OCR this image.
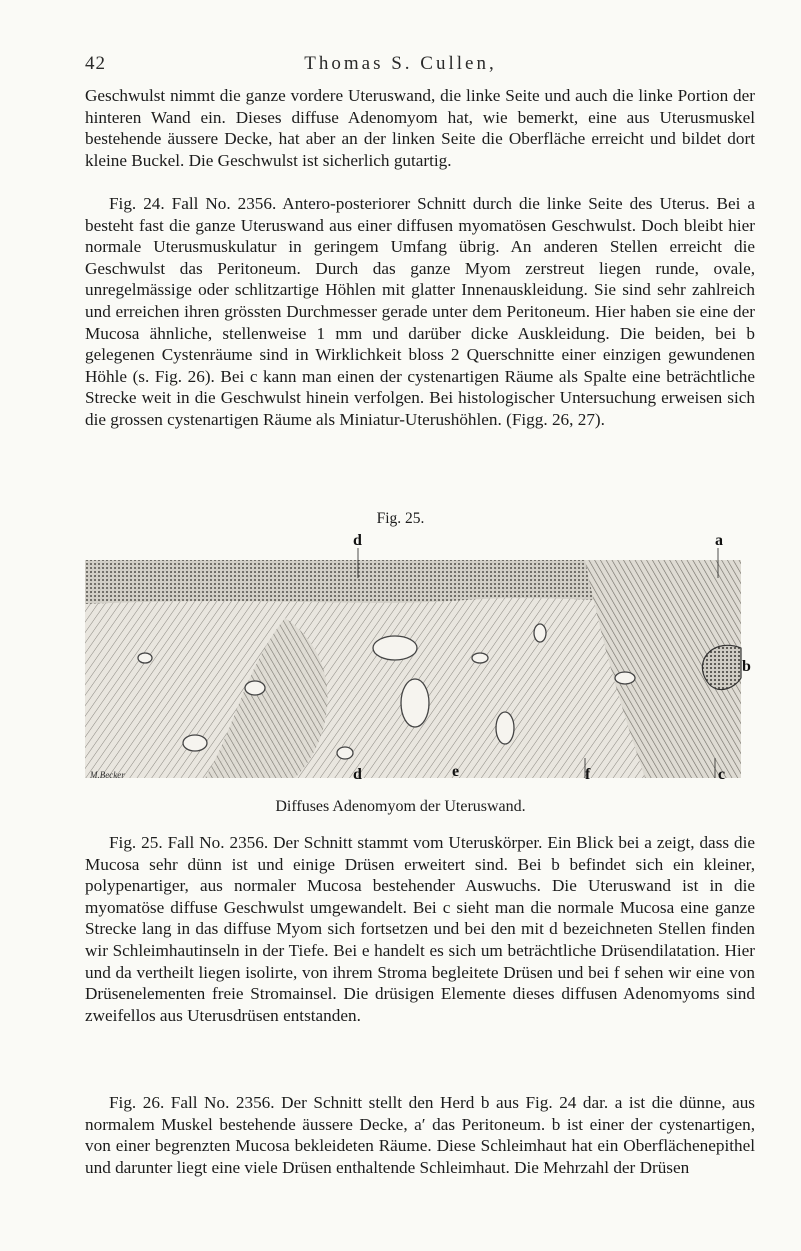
42	Thomas S. Cullen,

Geschwulst nimmt die ganze vordere Uteruswand, die linke Seite und auch die linke Portion der hinteren Wand ein. Dieses diffuse Adenomyom hat, wie bemerkt, eine aus Uterusmuskel bestehende äussere Decke, hat aber an der linken Seite die Oberfläche erreicht und bildet dort kleine Buckel. Die Geschwulst ist sicherlich gutartig.

Fig. 24. Fall No. 2356. Antero-posteriorer Schnitt durch die linke Seite des Uterus. Bei a besteht fast die ganze Uteruswand aus einer diffusen myomatösen Geschwulst. Doch bleibt hier normale Uterusmuskulatur in geringem Umfang übrig. An anderen Stellen erreicht die Geschwulst das Peritoneum. Durch das ganze Myom zerstreut liegen runde, ovale, unregelmässige oder schlitzartige Höhlen mit glatter Innenauskleidung. Sie sind sehr zahlreich und erreichen ihren grössten Durchmesser gerade unter dem Peritoneum. Hier haben sie eine der Mucosa ähnliche, stellenweise 1 mm und darüber dicke Auskleidung. Die beiden, bei b gelegenen Cystenräume sind in Wirklichkeit bloss 2 Querschnitte einer einzigen gewundenen Höhle (s. Fig. 26). Bei c kann man einen der cystenartigen Räume als Spalte eine beträchtliche Strecke weit in die Geschwulst hinein verfolgen. Bei histologischer Untersuchung erweisen sich die grossen cystenartigen Räume als Miniatur-Uterushöhlen. (Figg. 26, 27).

Fig. 25.
d	a
b
d	e	f	c
M.Becker
Diffuses Adenomyom der Uteruswand.

Fig. 25. Fall No. 2356. Der Schnitt stammt vom Uteruskörper. Ein Blick bei a zeigt, dass die Mucosa sehr dünn ist und einige Drüsen erweitert sind. Bei b befindet sich ein kleiner, polypenartiger, aus normaler Mucosa bestehender Auswuchs. Die Uteruswand ist in die myomatöse diffuse Geschwulst umgewandelt. Bei c sieht man die normale Mucosa eine ganze Strecke lang in das diffuse Myom sich fortsetzen und bei den mit d bezeichneten Stellen finden wir Schleimhautinseln in der Tiefe. Bei e handelt es sich um beträchtliche Drüsendilatation. Hier und da vertheilt liegen isolirte, von ihrem Stroma begleitete Drüsen und bei f sehen wir eine von Drüsenelementen freie Stromainsel. Die drüsigen Elemente dieses diffusen Adenomyoms sind zweifellos aus Uterusdrüsen entstanden.

Fig. 26. Fall No. 2356. Der Schnitt stellt den Herd b aus Fig. 24 dar. a ist die dünne, aus normalem Muskel bestehende äussere Decke, a′ das Peritoneum. b ist einer der cystenartigen, von einer begrenzten Mucosa bekleideten Räume. Diese Schleimhaut hat ein Oberflächenepithel und darunter liegt eine viele Drüsen enthaltende Schleimhaut. Die Mehrzahl der Drüsen
